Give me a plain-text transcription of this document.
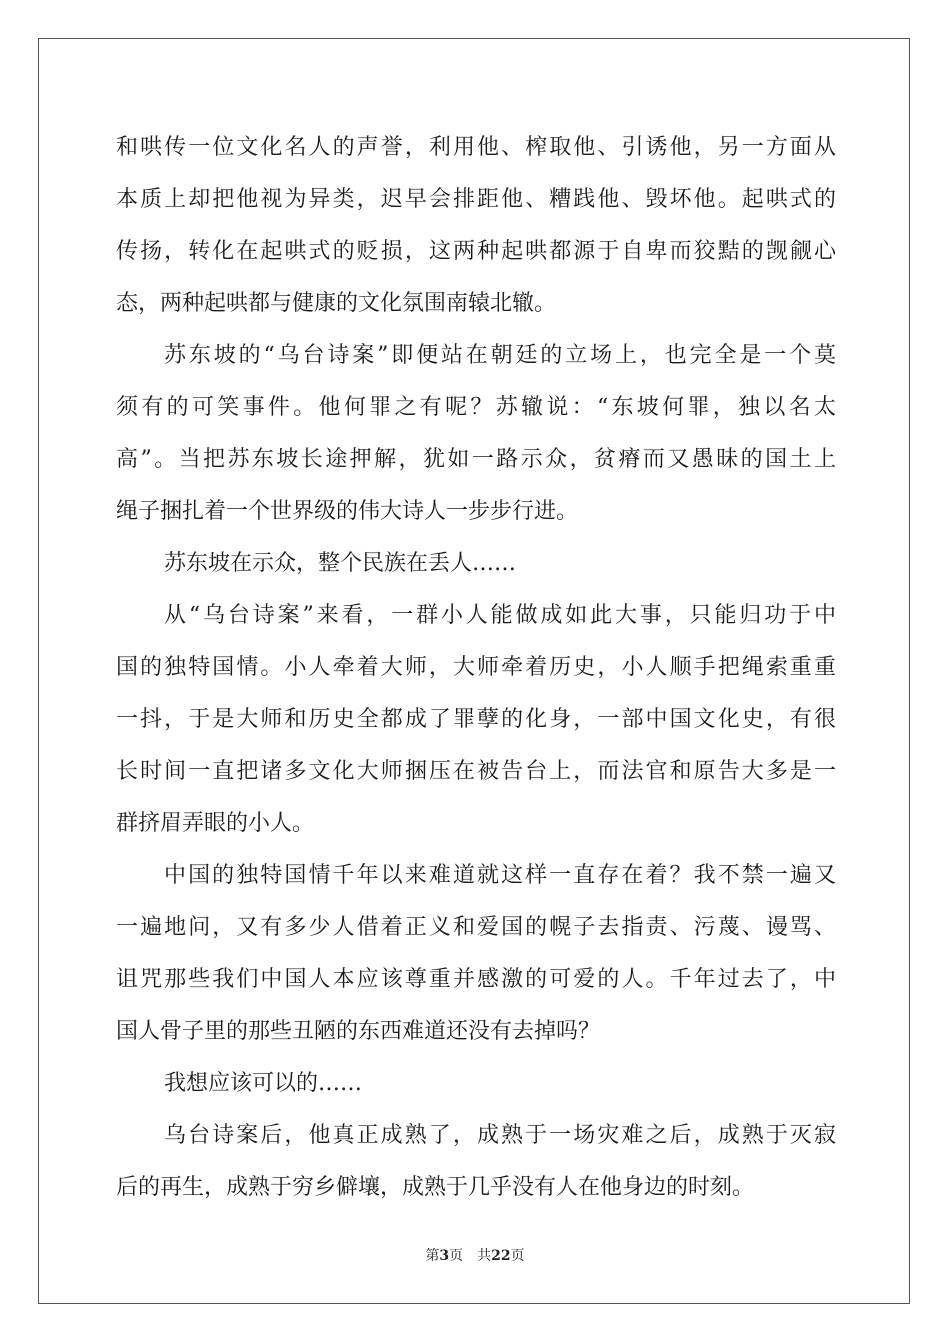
和哄传一位文化名人的声誉，利用他、榨取他、引诱他，另一方面从
本质上却把他视为异类，迟早会排距他、糟践他、毁坏他。起哄式的
传扬，转化在起哄式的贬损，这两种起哄都源于自卑而狡黠的觊觎心
态，两种起哄都与健康的文化氛围南辕北辙。
苏东坡的“乌台诗案”即便站在朝廷的立场上，也完全是一个莫
须有的可笑事件。他何罪之有呢？苏辙说：“东坡何罪，独以名太
高”。当把苏东坡长途押解，犹如一路示众，贫瘠而又愚昧的国土上
绳子捆扎着一个世界级的伟大诗人一步步行进。
苏东坡在示众，整个民族在丢人……
从“乌台诗案”来看，一群小人能做成如此大事，只能归功于中
国的独特国情。小人牵着大师，大师牵着历史，小人顺手把绳索重重
一抖，于是大师和历史全都成了罪孽的化身，一部中国文化史，有很
长时间一直把诸多文化大师捆压在被告台上，而法官和原告大多是一
群挤眉弄眼的小人。
中国的独特国情千年以来难道就这样一直存在着？我不禁一遍又
一遍地问，又有多少人借着正义和爱国的幌子去指责、污蔑、谩骂、
诅咒那些我们中国人本应该尊重并感激的可爱的人。千年过去了，中
国人骨子里的那些丑陋的东西难道还没有去掉吗？
我想应该可以的……
乌台诗案后，他真正成熟了，成熟于一场灾难之后，成熟于灭寂
后的再生，成熟于穷乡僻壤，成熟于几乎没有人在他身边的时刻。
第3页 共22页
